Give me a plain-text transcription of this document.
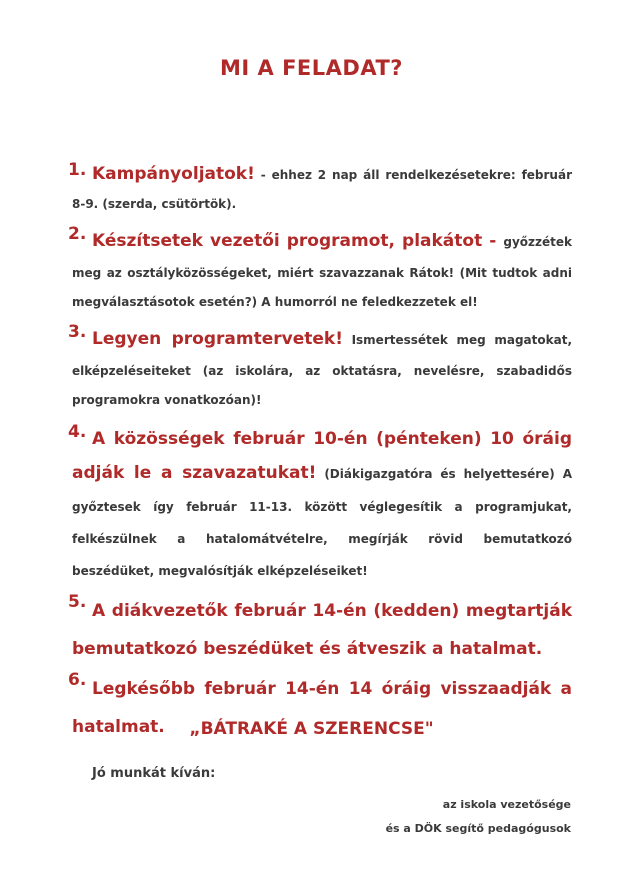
MI A FELADAT?
1. Kampányoljatok! - ehhez 2 nap áll rendelkezésetekre: február 8-9. (szerda, csütörtök).

2. Készítsetek vezetői programot, plakátot - győzzétek meg az osztályközösségeket, miért szavazzanak Rátok! (Mit tudtok adni megválasztásotok esetén?) A humorról ne feledkezzetek el!

3. Legyen programtervetek! Ismertessétek meg magatokat, elképzeléseiteket (az iskolára, az oktatásra, nevelésre, szabadidős programokra vonatkozóan)!

4. A közösségek február 10-én (pénteken) 10 óráig adják le a szavazatukat! (Diákigazgatóra és helyettesére) A győztesek így február 11-13. között véglegesítik a programjukat, felkészülnek a hatalomátvételre, megírják rövid bemutatkozó beszédüket, megvalósítják elképzeléseiket!

5. A diákvezetők február 14-én (kedden) megtartják bemutatkozó beszédüket és átveszik a hatalmat.

6. Legkésőbb február 14-én 14 óráig visszaadják a hatalmat.	„BÁTRAKÉ A SZERENCSE"
Jó munkát kíván:
az iskola vezetősége
és a DÖK segítő pedagógusok
